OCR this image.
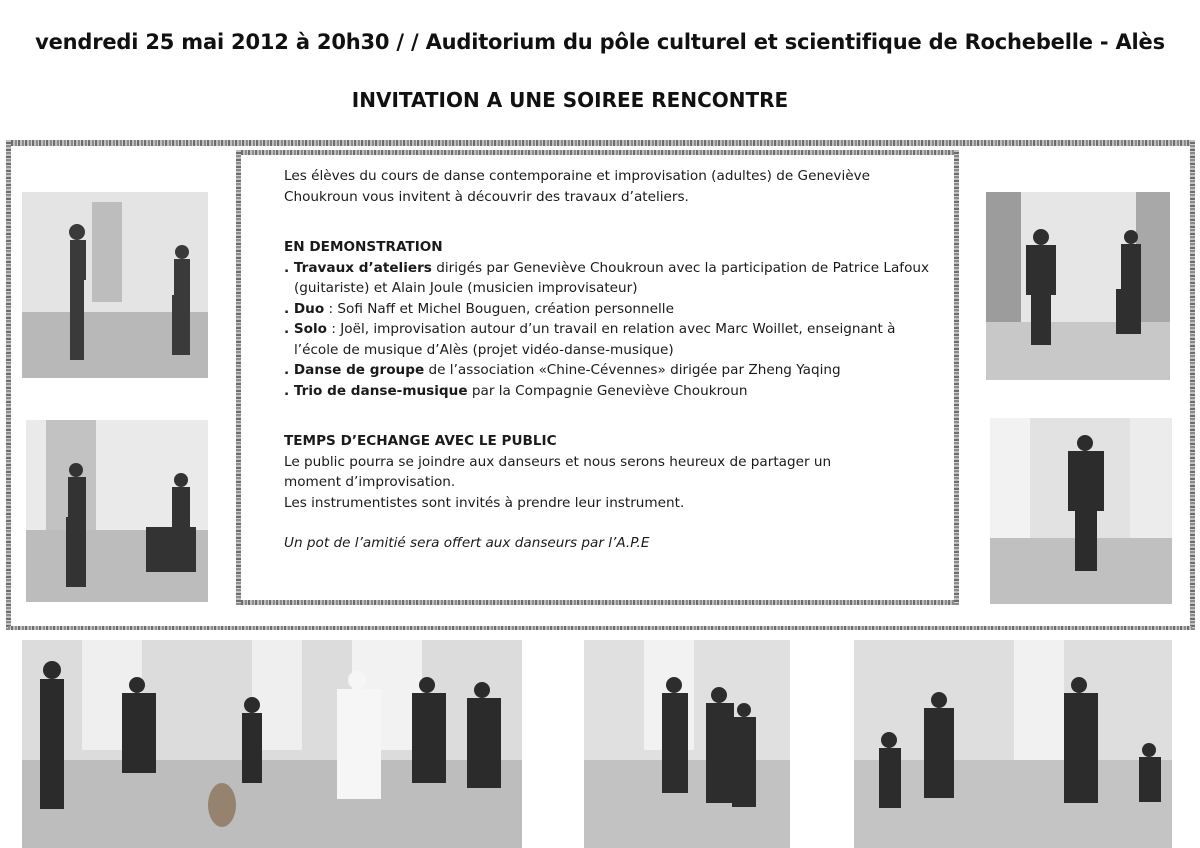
vendredi 25 mai 2012 à 20h30 / / Auditorium du pôle culturel et scientifique de Rochebelle - Alès
INVITATION A UNE SOIREE RENCONTRE

Les élèves du cours de danse contemporaine et improvisation (adultes) de Geneviève

Choukroun vous invitent à découvrir des travaux d’ateliers.

EN DEMONSTRATION

. Travaux d’ateliers dirigés par Geneviève Choukroun avec la participation de Patrice Lafoux (guitariste) et Alain Joule (musicien improvisateur)

. Duo : Sofi Naff et Michel Bouguen, création personnelle

. Solo : Joël, improvisation autour d’un travail en relation avec Marc Woillet, enseignant à l’école de musique d’Alès (projet vidéo-danse-musique)

. Danse de groupe de l’association «Chine-Cévennes» dirigée par Zheng Yaqing

. Trio de danse-musique par la Compagnie Geneviève Choukroun

TEMPS D’ECHANGE AVEC LE PUBLIC

Le public pourra se joindre aux danseurs et nous serons heureux de partager un

moment d’improvisation.

Les instrumentistes sont invités à prendre leur instrument.

Un pot de l’amitié sera offert aux danseurs par l’A.P.E
